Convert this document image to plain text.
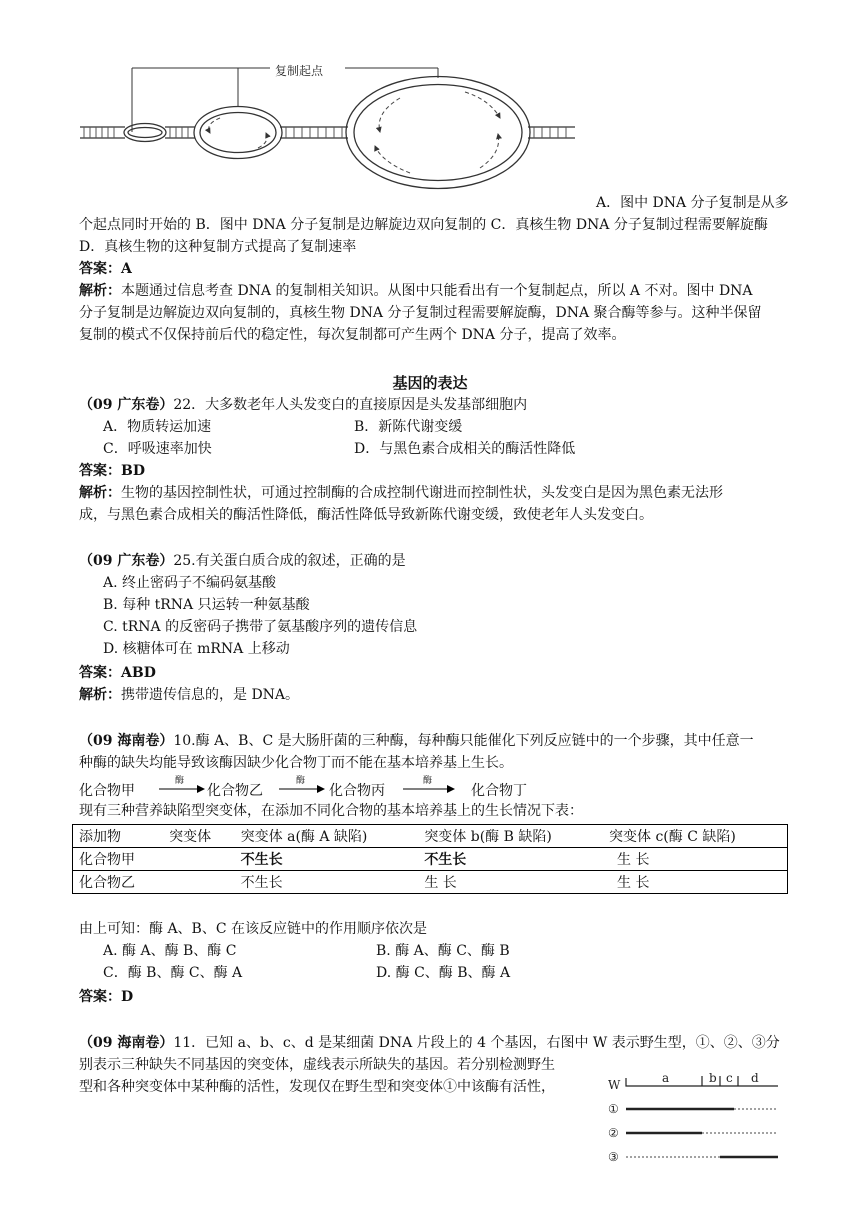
复制起点
A．图中 DNA 分子复制是从多
个起点同时开始的 B．图中 DNA 分子复制是边解旋边双向复制的 C．真核生物 DNA 分子复制过程需要解旋酶
D．真核生物的这种复制方式提高了复制速率
答案：A
解析：本题通过信息考查 DNA 的复制相关知识。从图中只能看出有一个复制起点，所以 A 不对。图中 DNA
分子复制是边解旋边双向复制的，真核生物 DNA 分子复制过程需要解旋酶，DNA 聚合酶等参与。这种半保留
复制的模式不仅保持前后代的稳定性，每次复制都可产生两个 DNA 分子，提高了效率。
基因的表达
（09 广东卷）22．大多数老年人头发变白的直接原因是头发基部细胞内
A．物质转运加速	B．新陈代谢变缓
C．呼吸速率加快	D．与黑色素合成相关的酶活性降低
答案：BD
解析：生物的基因控制性状，可通过控制酶的合成控制代谢进而控制性状，头发变白是因为黑色素无法形
成，与黑色素合成相关的酶活性降低，酶活性降低导致新陈代谢变缓，致使老年人头发变白。
（09 广东卷）25.有关蛋白质合成的叙述，正确的是
A. 终止密码子不编码氨基酸
B. 每种 tRNA 只运转一种氨基酸
C. tRNA 的反密码子携带了氨基酸序列的遗传信息
D. 核糖体可在 mRNA 上移动
答案：ABD
解析：携带遗传信息的，是 DNA。
（09 海南卷）10.酶 A、B、C 是大肠肝菌的三种酶，每种酶只能催化下列反应链中的一个步骤，其中任意一
种酶的缺失均能导致该酶因缺少化合物丁而不能在基本培养基上生长。
化合物甲
酶
化合物乙
酶
化合物丙
酶
化合物丁
现有三种营养缺陷型突变体，在添加不同化合物的基本培养基上的生长情况下表：
添加物	突变体	突变体 a(酶 A 缺陷)	突变体 b(酶 B 缺陷)	突变体 c(酶 C 缺陷)
化合物甲		不生长	不生长	生 长
化合物乙		不生长	生 长	生 长
由上可知：酶 A、B、C 在该反应链中的作用顺序依次是
A. 酶 A、酶 B、酶 C	B. 酶 A、酶 C、酶 B
C．酶 B、酶 C、酶 A	D. 酶 C、酶 B、酶 A
答案：D
（09 海南卷）11．已知 a、b、c、d 是某细菌 DNA 片段上的 4 个基因，右图中 W 表示野生型，①、②、③分
别表示三种缺失不同基因的突变体，虚线表示所缺失的基因。若分别检测野生
型和各种突变体中某种酶的活性，发现仅在野生型和突变体①中该酶有活性，	W	a	b c d
①
②
③
